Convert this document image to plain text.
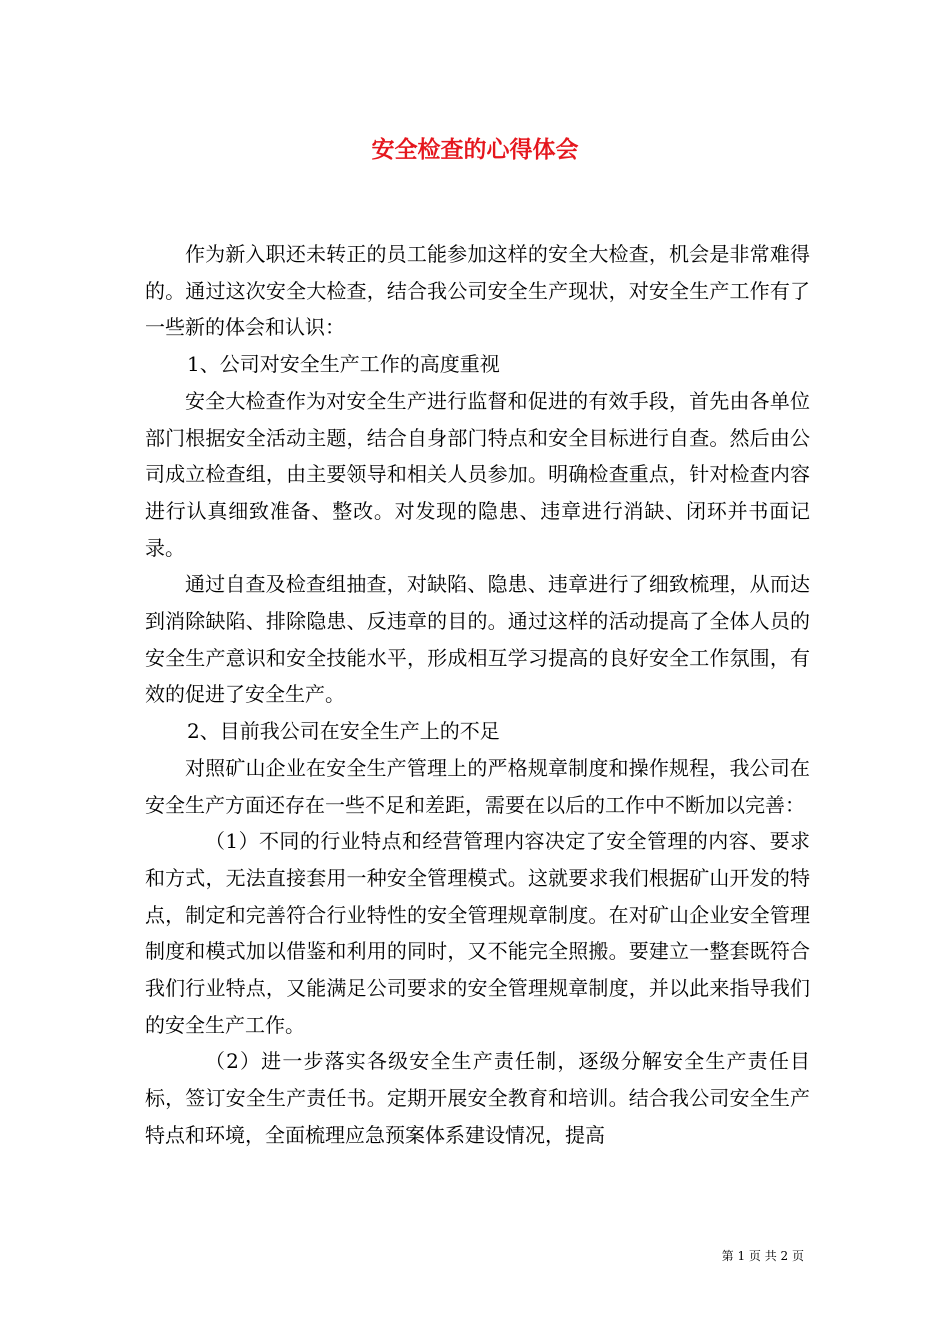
安全检查的心得体会

作为新入职还未转正的员工能参加这样的安全大检查，机会是非常难得的。通过这次安全大检查，结合我公司安全生产现状，对安全生产工作有了一些新的体会和认识：

1、公司对安全生产工作的高度重视

安全大检查作为对安全生产进行监督和促进的有效手段，首先由各单位部门根据安全活动主题，结合自身部门特点和安全目标进行自查。然后由公司成立检查组，由主要领导和相关人员参加。明确检查重点，针对检查内容进行认真细致准备、整改。对发现的隐患、违章进行消缺、闭环并书面记录。

通过自查及检查组抽查，对缺陷、隐患、违章进行了细致梳理，从而达到消除缺陷、排除隐患、反违章的目的。通过这样的活动提高了全体人员的安全生产意识和安全技能水平，形成相互学习提高的良好安全工作氛围，有效的促进了安全生产。

2、目前我公司在安全生产上的不足

对照矿山企业在安全生产管理上的严格规章制度和操作规程，我公司在安全生产方面还存在一些不足和差距，需要在以后的工作中不断加以完善：

（1）不同的行业特点和经营管理内容决定了安全管理的内容、要求和方式，无法直接套用一种安全管理模式。这就要求我们根据矿山开发的特点，制定和完善符合行业特性的安全管理规章制度。在对矿山企业安全管理制度和模式加以借鉴和利用的同时，又不能完全照搬。要建立一整套既符合我们行业特点，又能满足公司要求的安全管理规章制度，并以此来指导我们的安全生产工作。

（2）进一步落实各级安全生产责任制，逐级分解安全生产责任目标，签订安全生产责任书。定期开展安全教育和培训。结合我公司安全生产特点和环境，全面梳理应急预案体系建设情况，提高

第 1 页 共 2 页
